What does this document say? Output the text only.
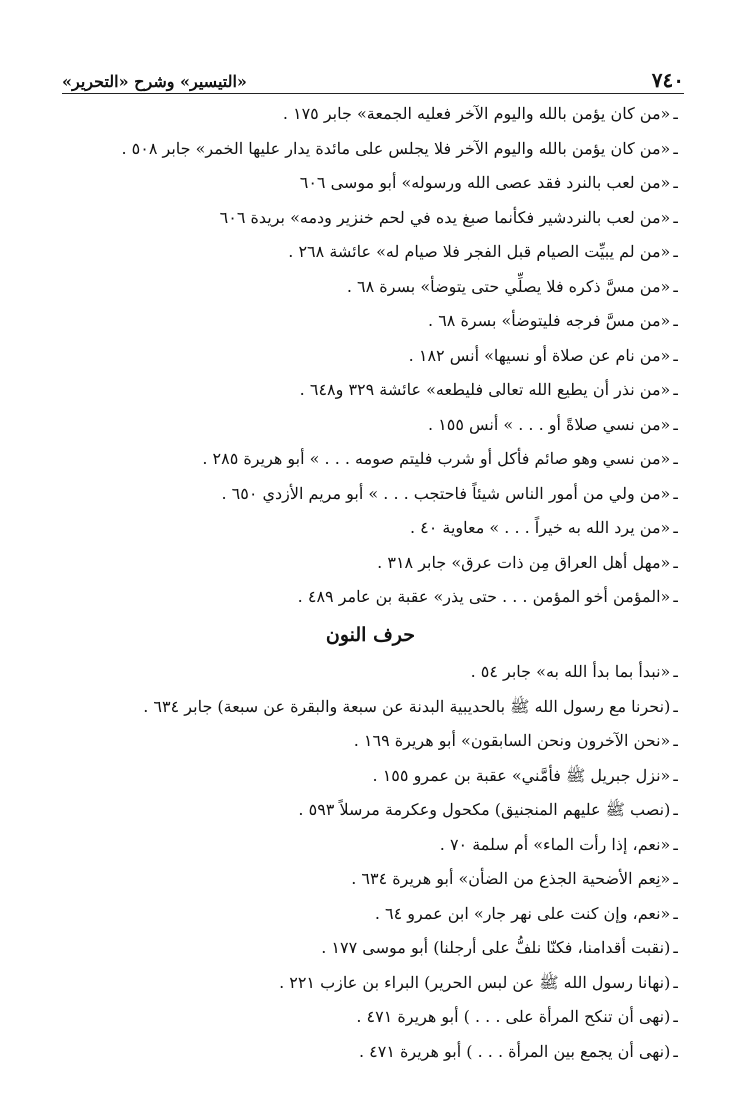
٧٤٠
«التيسير» وشرح «التحرير»
ـ«من كان يؤمن بالله واليوم الآخر فعليه الجمعة» جابر ١٧٥ .
ـ«من كان يؤمن بالله واليوم الآخر فلا يجلس على مائدة يدار عليها الخمر» جابر ٥٠٨ .
ـ«من لعب بالنرد فقد عصى الله ورسوله» أبو موسى ٦٠٦
ـ«من لعب بالنردشير فكأنما صبغ يده في لحم خنزير ودمه» بريدة ٦٠٦
ـ«من لم يبيِّت الصيام قبل الفجر فلا صيام له» عائشة ٢٦٨ .
ـ«من مسَّ ذكره فلا يصلِّي حتى يتوضأ» بسرة ٦٨ .
ـ«من مسَّ فرجه فليتوضأ» بسرة ٦٨ .
ـ«من نام عن صلاة أو نسيها» أنس ١٨٢ .
ـ«من نذر أن يطيع الله تعالى فليطعه» عائشة ٣٢٩ و٦٤٨ .
ـ«من نسي صلاةً أو . . . » أنس ١٥٥ .
ـ«من نسي وهو صائم فأكل أو شرب فليتم صومه . . . » أبو هريرة ٢٨٥ .
ـ«من ولي من أمور الناس شيئاً فاحتجب . . . » أبو مريم الأزدي ٦٥٠ .
ـ«من يرد الله به خيراً . . . » معاوية ٤٠ .
ـ«مهل أهل العراق مِن ذات عرق» جابر ٣١٨ .
ـ«المؤمن أخو المؤمن . . . حتى يذر» عقبة بن عامر ٤٨٩ .
حرف النون
ـ«نبدأ بما بدأ الله به» جابر ٥٤ .
ـ(نحرنا مع رسول الله ﷺ بالحديبية البدنة عن سبعة والبقرة عن سبعة) جابر ٦٣٤ .
ـ«نحن الآخرون ونحن السابقون» أبو هريرة ١٦٩ .
ـ«نزل جبريل ﷺ فأمَّني» عقبة بن عمرو ١٥٥ .
ـ(نصب ﷺ عليهم المنجنيق) مكحول وعكرمة مرسلاً ٥٩٣ .
ـ«نعم، إذا رأت الماء» أم سلمة ٧٠ .
ـ«نِعم الأضحية الجذع من الضأن» أبو هريرة ٦٣٤ .
ـ«نعم، وإن كنت على نهر جار» ابن عمرو ٦٤ .
ـ(نقبت أقدامنا، فكنّا نلفُّ على أرجلنا) أبو موسى ١٧٧ .
ـ(نهانا رسول الله ﷺ عن لبس الحرير) البراء بن عازب ٢٢١ .
ـ(نهى أن تنكح المرأة على . . . ) أبو هريرة ٤٧١ .
ـ(نهى أن يجمع بين المرأة . . . ) أبو هريرة ٤٧١ .
